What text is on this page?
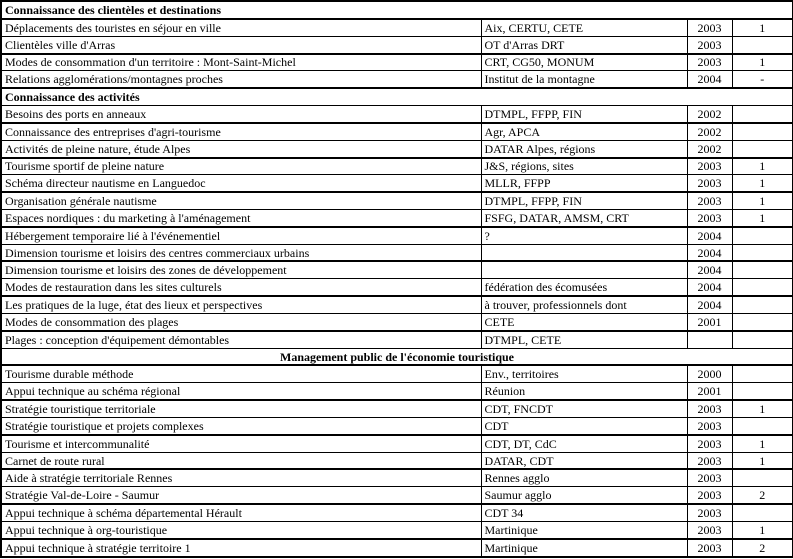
Connaissance des clientèles et destinations			
Déplacements des touristes en séjour en ville	Aix, CERTU, CETE	2003	1
Clientèles ville d'Arras	OT d'Arras DRT	2003	
Modes de consommation d'un territoire : Mont-Saint-Michel	CRT, CG50, MONUM	2003	1
Relations agglomérations/montagnes proches	Institut de la montagne	2004	-
Connaissance des activités			
Besoins des ports en anneaux	DTMPL, FFPP, FIN	2002	
Connaissance des entreprises d'agri-tourisme	Agr, APCA	2002	
Activités de pleine nature, étude Alpes	DATAR Alpes, régions	2002	
Tourisme sportif de pleine nature	J&S, régions, sites	2003	1
Schéma directeur nautisme en Languedoc	MLLR, FFPP	2003	1
Organisation générale nautisme	DTMPL, FFPP, FIN	2003	1
Espaces nordiques : du marketing à l'aménagement	FSFG, DATAR, AMSM, CRT	2003	1
Hébergement temporaire lié à l'événementiel	?	2004	
Dimension tourisme et loisirs des centres commerciaux urbains		2004	
Dimension tourisme et loisirs des zones de développement		2004	
Modes de restauration dans les sites culturels	fédération des écomusées	2004	
Les pratiques de la luge, état des lieux et perspectives	à trouver, professionnels dont	2004	
Modes de consommation des plages	CETE	2001	
Plages : conception d'équipement démontables	DTMPL, CETE		
Management public de l'économie touristique			
Tourisme durable méthode	Env., territoires	2000	
Appui technique au schéma régional	Réunion	2001	
Stratégie touristique territoriale	CDT, FNCDT	2003	1
Stratégie touristique et projets complexes	CDT	2003	
Tourisme et intercommunalité	CDT, DT, CdC	2003	1
Carnet de route rural	DATAR, CDT	2003	1
Aide à stratégie territoriale Rennes	Rennes agglo	2003	
Stratégie Val-de-Loire - Saumur	Saumur agglo	2003	2
Appui technique à schéma départemental Hérault	CDT 34	2003	
Appui technique à org-touristique	Martinique	2003	1
Appui technique à stratégie territoire 1	Martinique	2003	2
